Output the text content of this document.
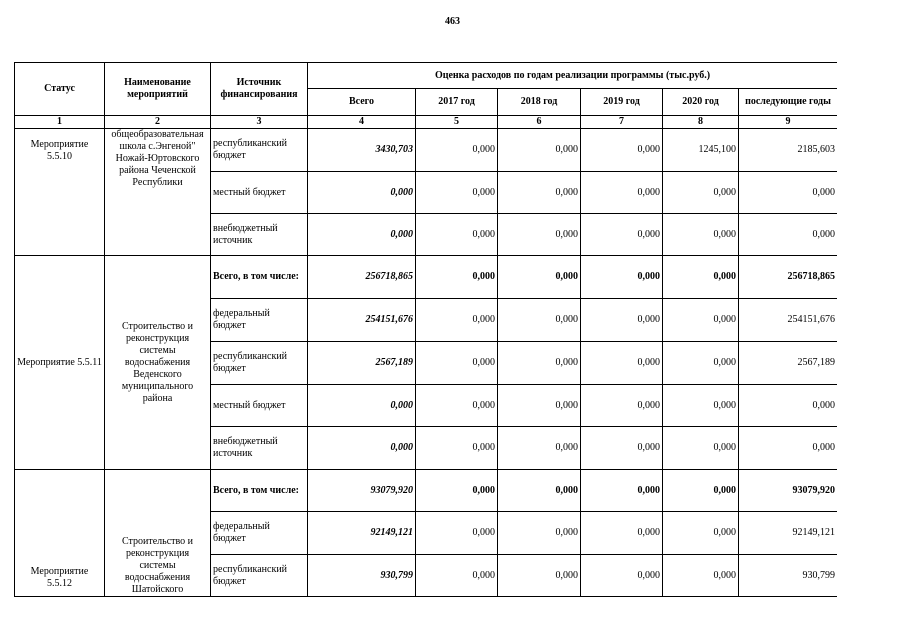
463
Статус	Наименование мероприятий	Источник финансирования	Оценка расходов по годам реализации программы (тыс.руб.)					
			Всего	2017 год	2018 год	2019 год	2020 год	последующие годы
1	2	3	4	5	6	7	8	9
Мероприятие 5.5.10	общеобразовательная школа с.Энгеной" Ножай-Юртовского района Чеченской Республики	республиканский бюджет	3430,703	0,000	0,000	0,000	1245,100	2185,603
		местный бюджет	0,000	0,000	0,000	0,000	0,000	0,000
		внебюджетный источник	0,000	0,000	0,000	0,000	0,000	0,000
Мероприятие 5.5.11	Строительство и реконструкция системы водоснабжения Веденского муниципального района	Всего, в том числе:	256718,865	0,000	0,000	0,000	0,000	256718,865
		федеральный бюджет	254151,676	0,000	0,000	0,000	0,000	254151,676
		республиканский бюджет	2567,189	0,000	0,000	0,000	0,000	2567,189
		местный бюджет	0,000	0,000	0,000	0,000	0,000	0,000
		внебюджетный источник	0,000	0,000	0,000	0,000	0,000	0,000
Мероприятие 5.5.12	Строительство и реконструкция системы водоснабжения Шатойского	Всего, в том числе:	93079,920	0,000	0,000	0,000	0,000	93079,920
		федеральный бюджет	92149,121	0,000	0,000	0,000	0,000	92149,121
		республиканский бюджет	930,799	0,000	0,000	0,000	0,000	930,799
